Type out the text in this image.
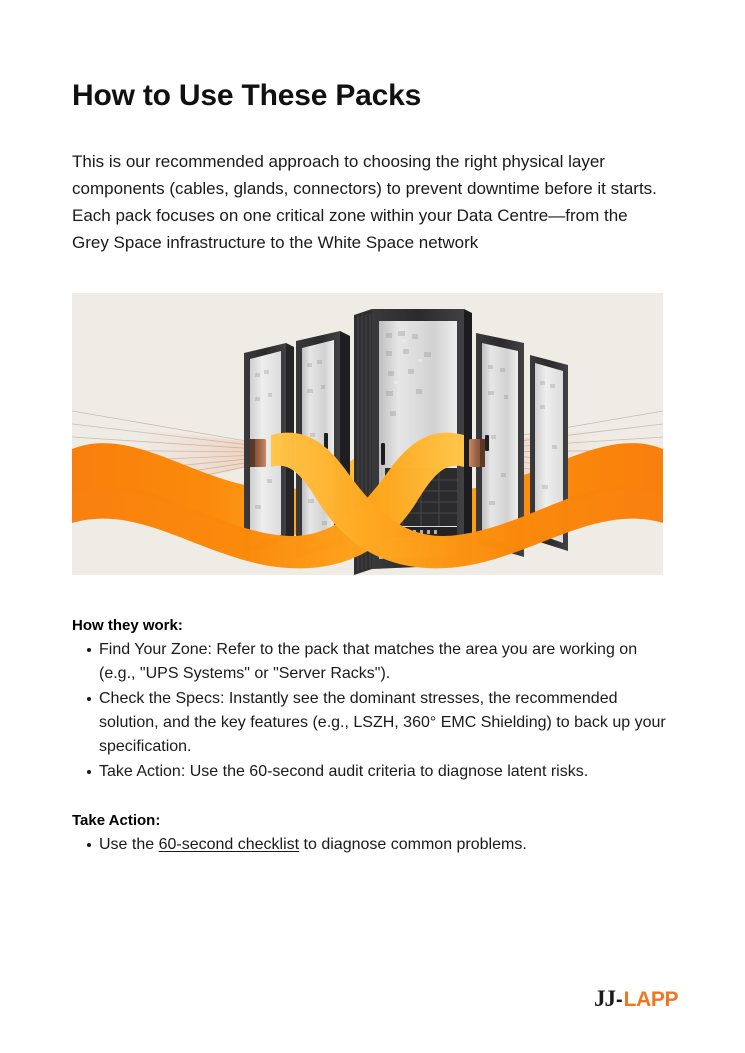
How to Use These Packs

This is our recommended approach to choosing the right physical layer components (cables, glands, connectors) to prevent downtime before it starts. Each pack focuses on one critical zone within your Data Centre—from the Grey Space infrastructure to the White Space network

How they work:
Find Your Zone: Refer to the pack that matches the area you are working on (e.g., "UPS Systems" or "Server Racks").
Check the Specs: Instantly see the dominant stresses, the recommended solution, and the key features (e.g., LSZH, 360° EMC Shielding) to back up your specification.
Take Action: Use the 60-second audit criteria to diagnose latent risks.
Take Action:
Use the 60-second checklist to diagnose common problems.
JJ - LAPP
